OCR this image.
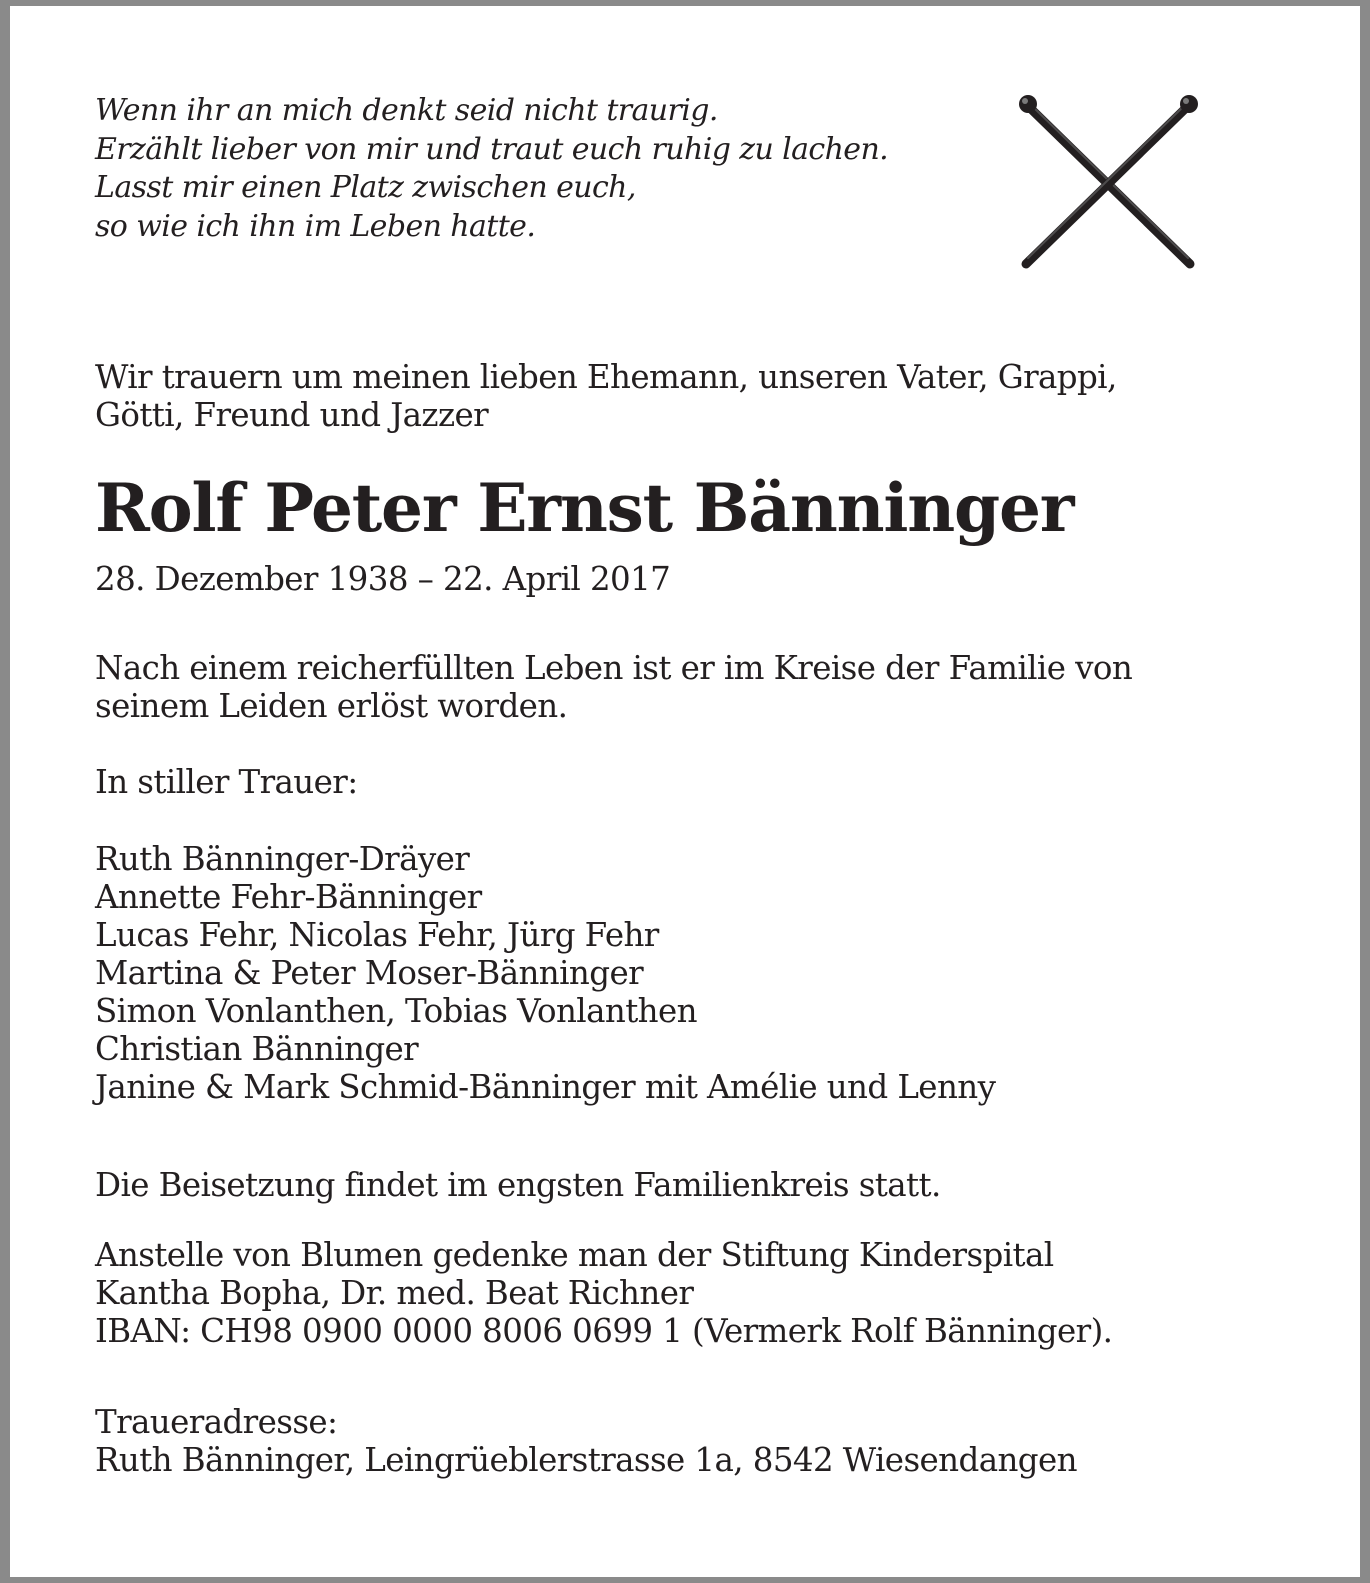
Wenn ihr an mich denkt seid nicht traurig.
Erzählt lieber von mir und traut euch ruhig zu lachen.
Lasst mir einen Platz zwischen euch,
so wie ich ihn im Leben hatte.
Wir trauern um meinen lieben Ehemann, unseren Vater, Grappi,
Götti, Freund und Jazzer
Rolf Peter Ernst Bänninger
28. Dezember 1938 – 22. April 2017
Nach einem reicherfüllten Leben ist er im Kreise der Familie von
seinem Leiden erlöst worden.
In stiller Trauer:
Ruth Bänninger-Dräyer
Annette Fehr-Bänninger
Lucas Fehr, Nicolas Fehr, Jürg Fehr
Martina & Peter Moser-Bänninger
Simon Vonlanthen, Tobias Vonlanthen
Christian Bänninger
Janine & Mark Schmid-Bänninger mit Amélie und Lenny
Die Beisetzung findet im engsten Familienkreis statt.
Anstelle von Blumen gedenke man der Stiftung Kinderspital
Kantha Bopha, Dr. med. Beat Richner
IBAN: CH98 0900 0000 8006 0699 1 (Vermerk Rolf Bänninger).
Traueradresse:
Ruth Bänninger, Leingrüeblerstrasse 1a, 8542 Wiesendangen
